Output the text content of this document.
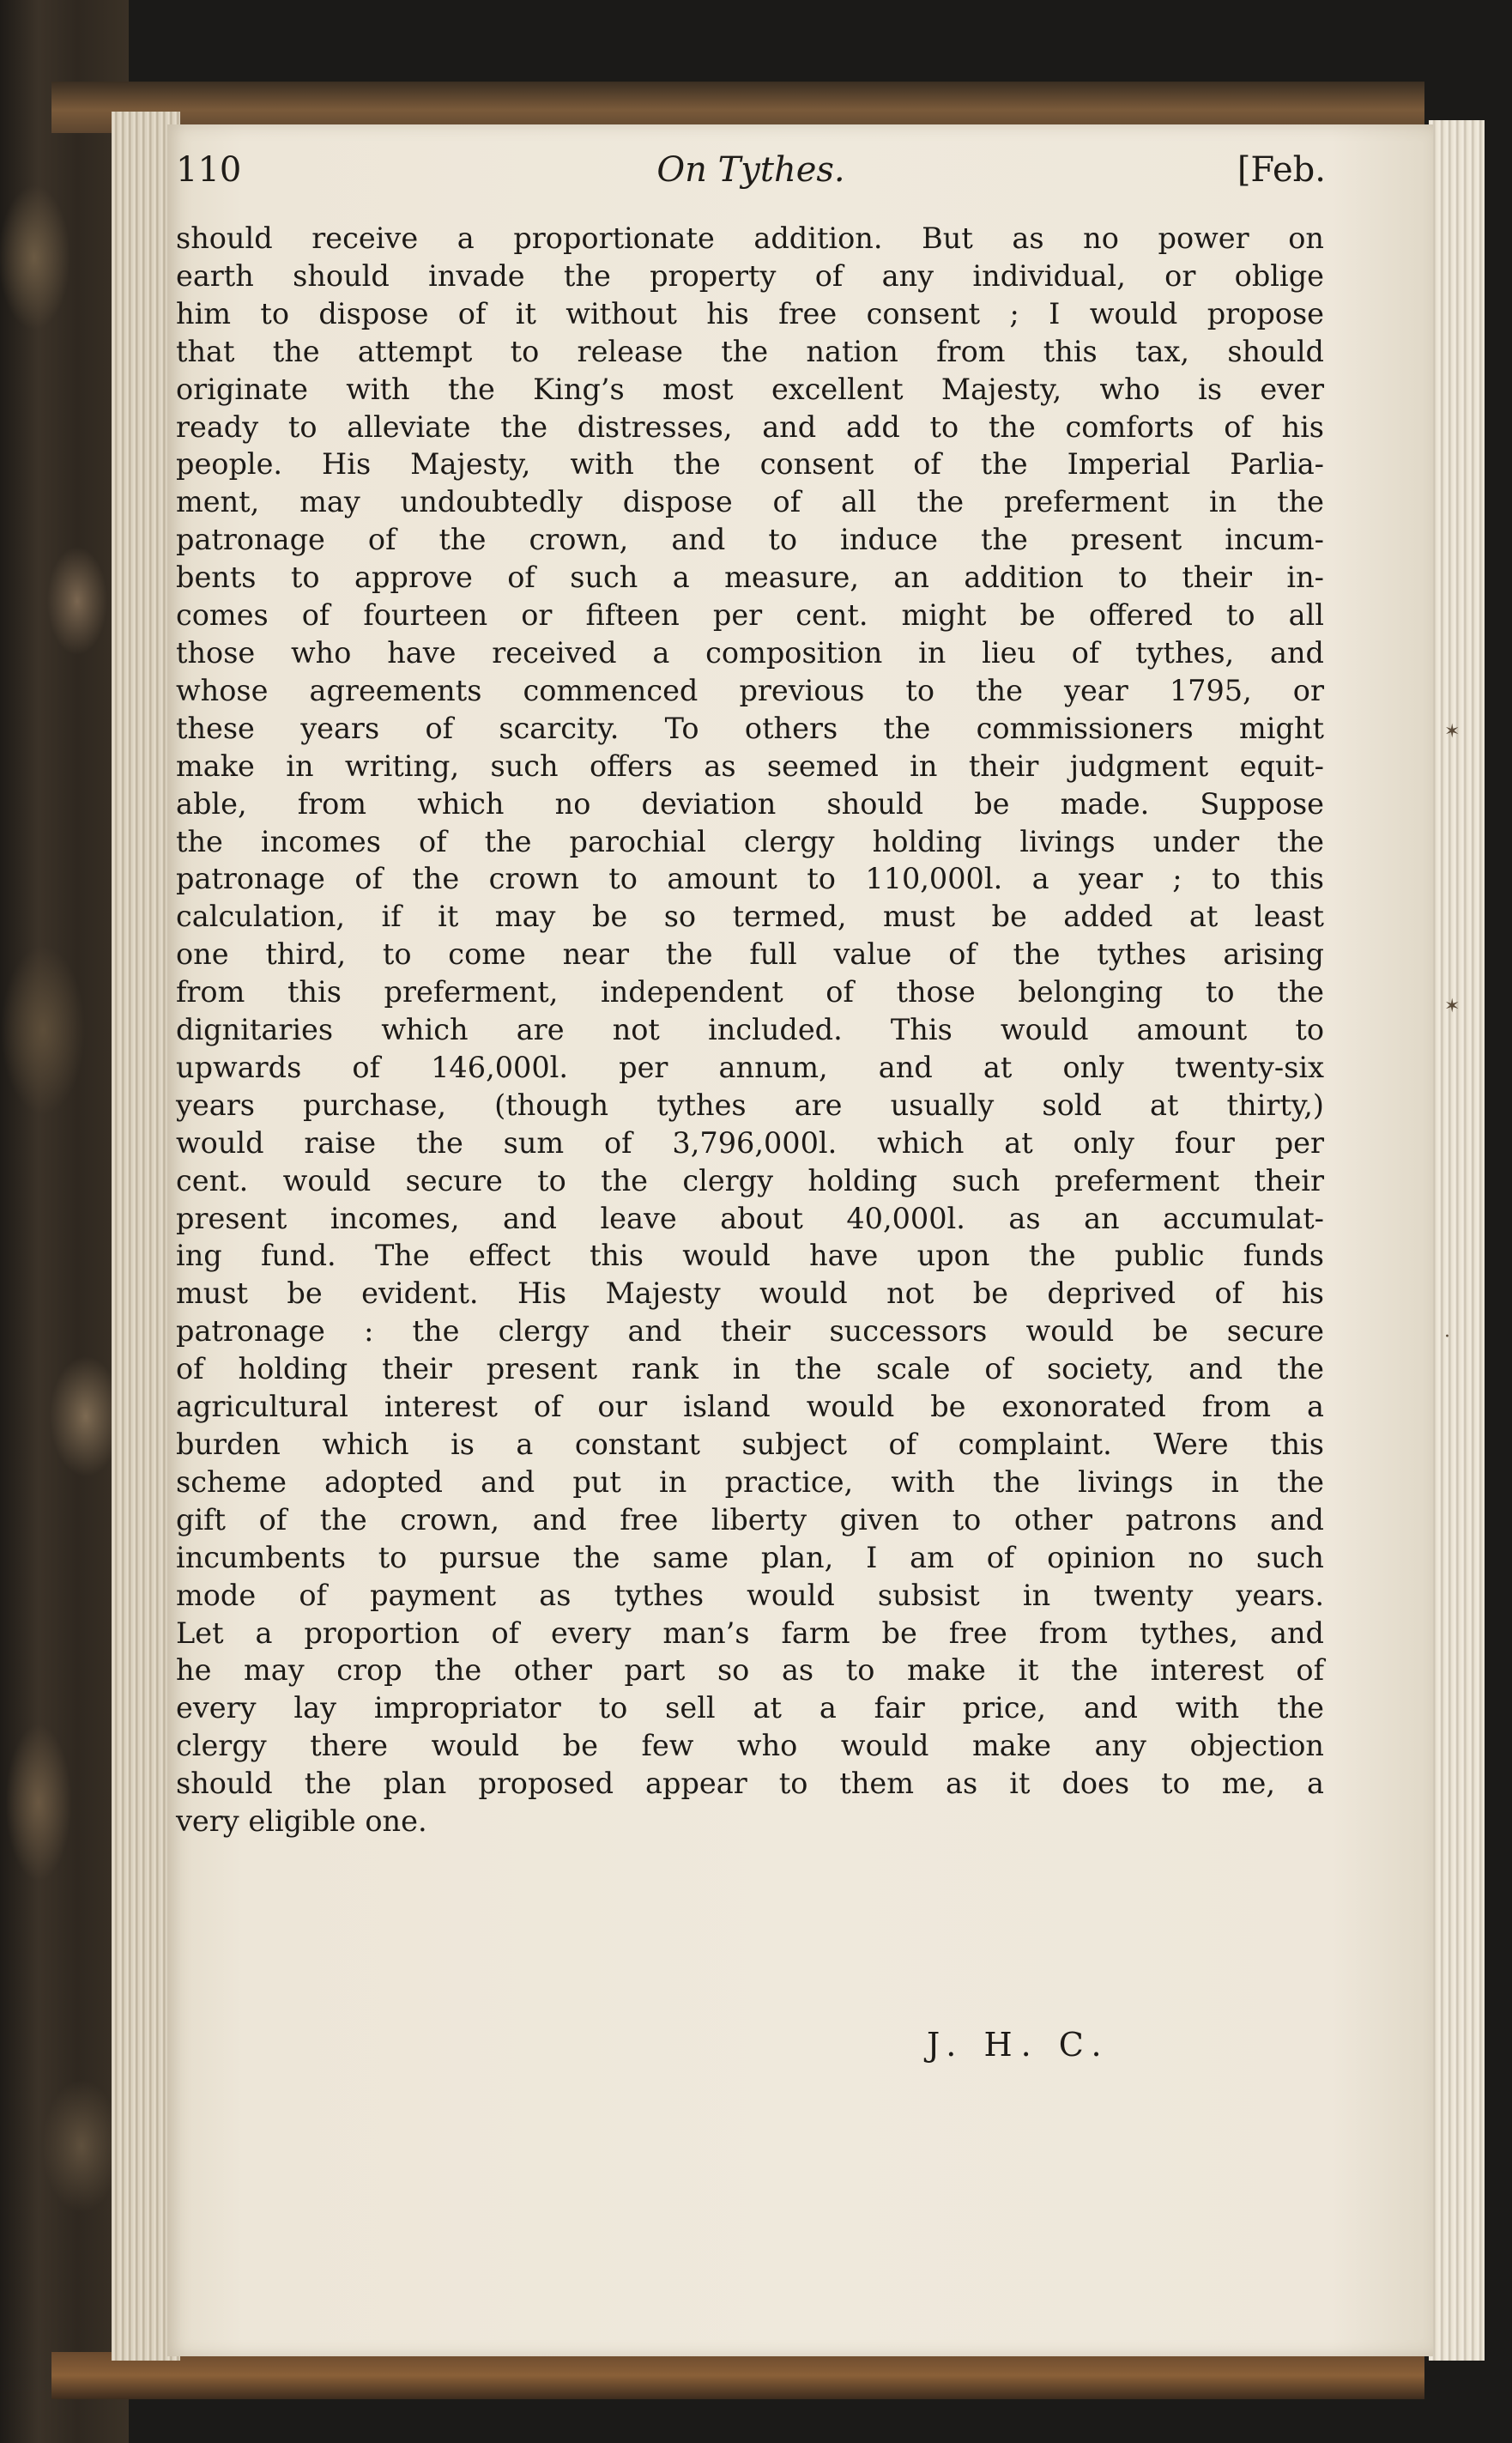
110	On Tythes.	[Feb.
should receive a proportionate addition. But as no power on
earth should invade the property of any individual, or oblige
him to dispose of it without his free consent ; I would propose
that the attempt to release the nation from this tax, should
originate with the King’s most excellent Majesty, who is ever
ready to alleviate the distresses, and add to the comforts of his
people. His Majesty, with the consent of the Imperial Parlia-
ment, may undoubtedly dispose of all the preferment in the
patronage of the crown, and to induce the present incum-
bents to approve of such a measure, an addition to their in-
comes of fourteen or fifteen per cent. might be offered to all
those who have received a composition in lieu of tythes, and
whose agreements commenced previous to the year 1795, or
these years of scarcity. To others the commissioners might
make in writing, such offers as seemed in their judgment equit-
able, from which no deviation should be made. Suppose
the incomes of the parochial clergy holding livings under the
patronage of the crown to amount to 110,000l. a year ; to this
calculation, if it may be so termed, must be added at least
one third, to come near the full value of the tythes arising
from this preferment, independent of those belonging to the
dignitaries which are not included. This would amount to
upwards of 146,000l. per annum, and at only twenty-six
years purchase, (though tythes are usually sold at thirty,)
would raise the sum of 3,796,000l. which at only four per
cent. would secure to the clergy holding such preferment their
present incomes, and leave about 40,000l. as an accumulat-
ing fund. The effect this would have upon the public funds
must be evident. His Majesty would not be deprived of his
patronage : the clergy and their successors would be secure
of holding their present rank in the scale of society, and the
agricultural interest of our island would be exonorated from a
burden which is a constant subject of complaint. Were this
scheme adopted and put in practice, with the livings in the
gift of the crown, and free liberty given to other patrons and
incumbents to pursue the same plan, I am of opinion no such
mode of payment as tythes would subsist in twenty years.
Let a proportion of every man’s farm be free from tythes, and
he may crop the other part so as to make it the interest of
every lay impropriator to sell at a fair price, and with the
clergy there would be few who would make any objection
should the plan proposed appear to them as it does to me, a
very eligible one.
J. H. C.
✶
✶
·
